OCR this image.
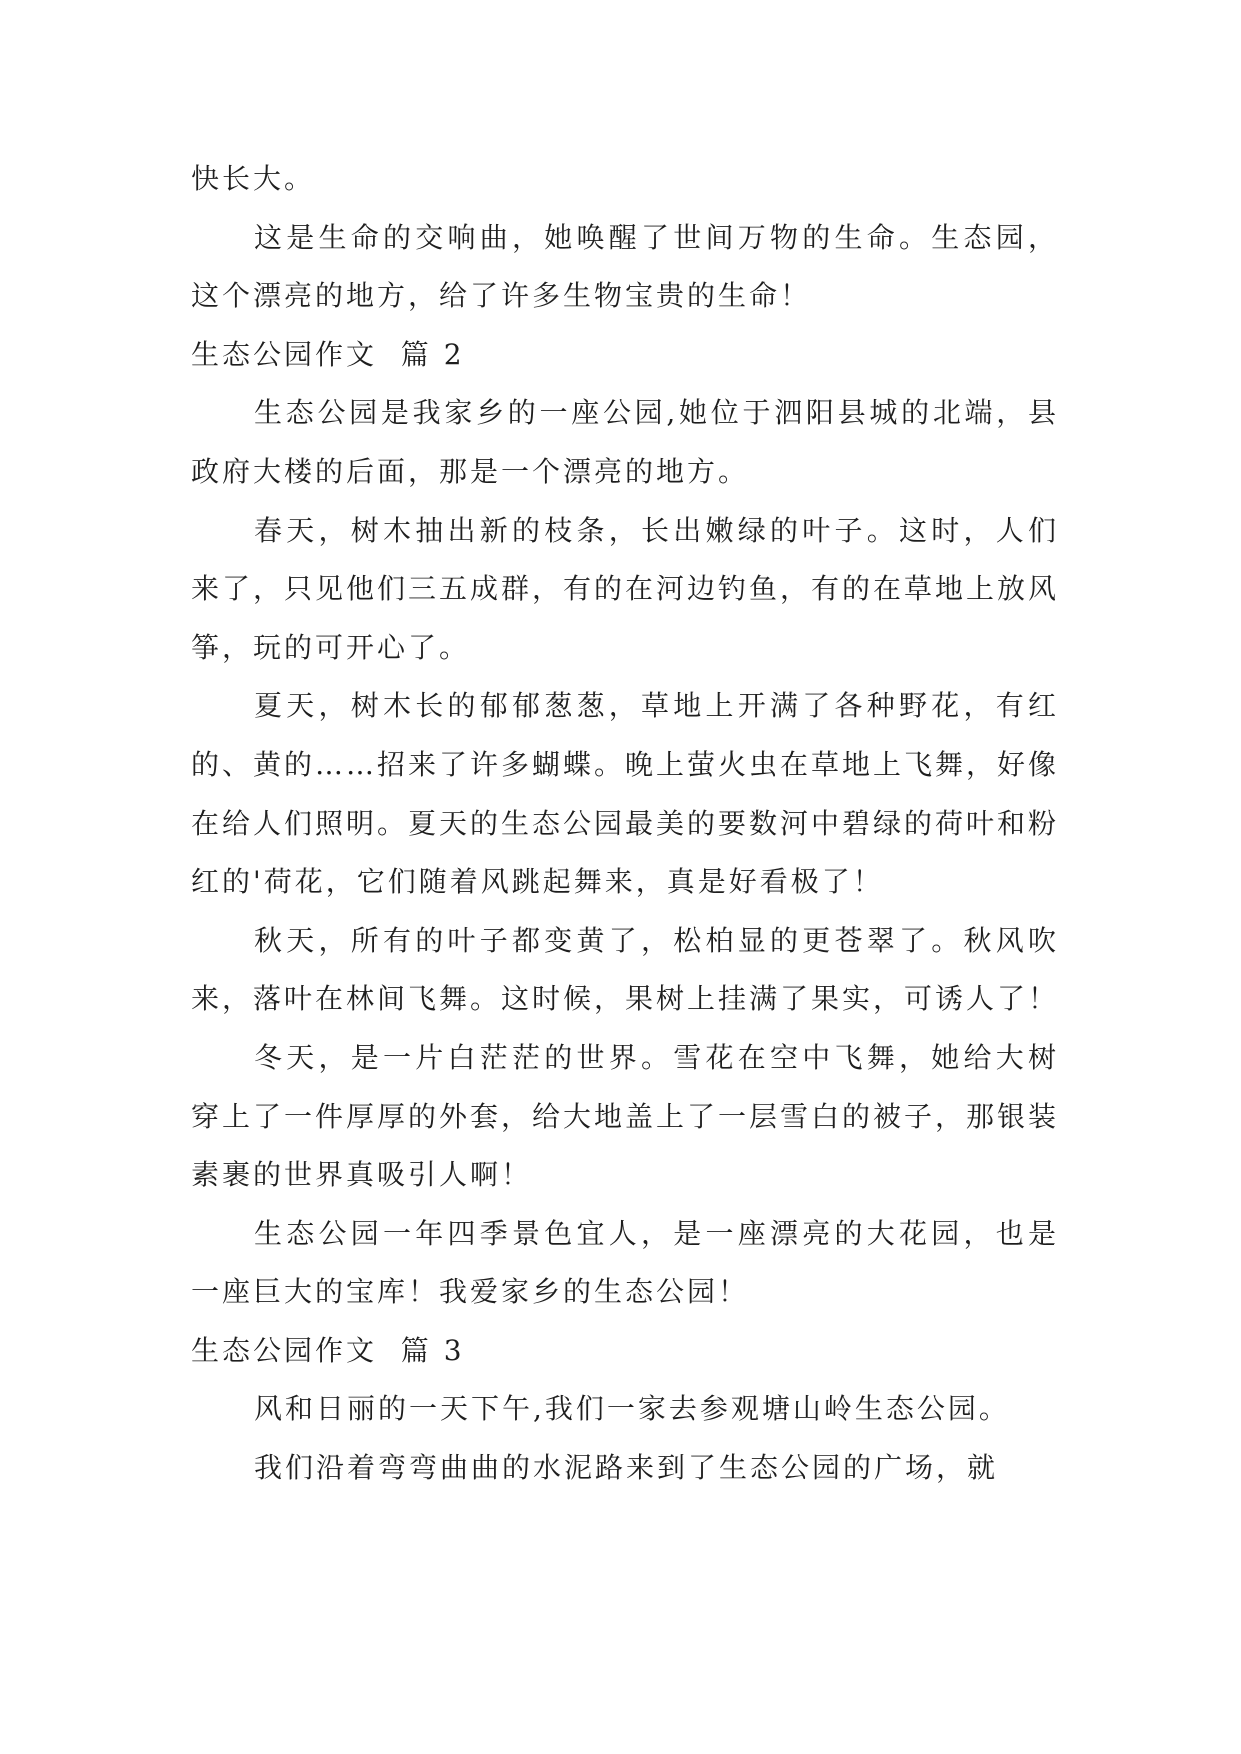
快长大。

这是生命的交响曲，她唤醒了世间万物的生命。生态园，这个漂亮的地方，给了许多生物宝贵的生命！

生态公园作文  篇 2

生态公园是我家乡的一座公园,她位于泗阳县城的北端，县政府大楼的后面，那是一个漂亮的地方。

春天，树木抽出新的枝条，长出嫩绿的叶子。这时，人们来了，只见他们三五成群，有的在河边钓鱼，有的在草地上放风筝，玩的可开心了。

夏天，树木长的郁郁葱葱，草地上开满了各种野花，有红的、黄的……招来了许多蝴蝶。晚上萤火虫在草地上飞舞，好像在给人们照明。夏天的生态公园最美的要数河中碧绿的荷叶和粉红的'荷花，它们随着风跳起舞来，真是好看极了！

秋天，所有的叶子都变黄了，松柏显的更苍翠了。秋风吹来，落叶在林间飞舞。这时候，果树上挂满了果实，可诱人了！

冬天，是一片白茫茫的世界。雪花在空中飞舞，她给大树穿上了一件厚厚的外套，给大地盖上了一层雪白的被子，那银装素裹的世界真吸引人啊！

生态公园一年四季景色宜人，是一座漂亮的大花园，也是一座巨大的宝库！我爱家乡的生态公园！

生态公园作文  篇 3

风和日丽的一天下午,我们一家去参观塘山岭生态公园。

我们沿着弯弯曲曲的水泥路来到了生态公园的广场，就
